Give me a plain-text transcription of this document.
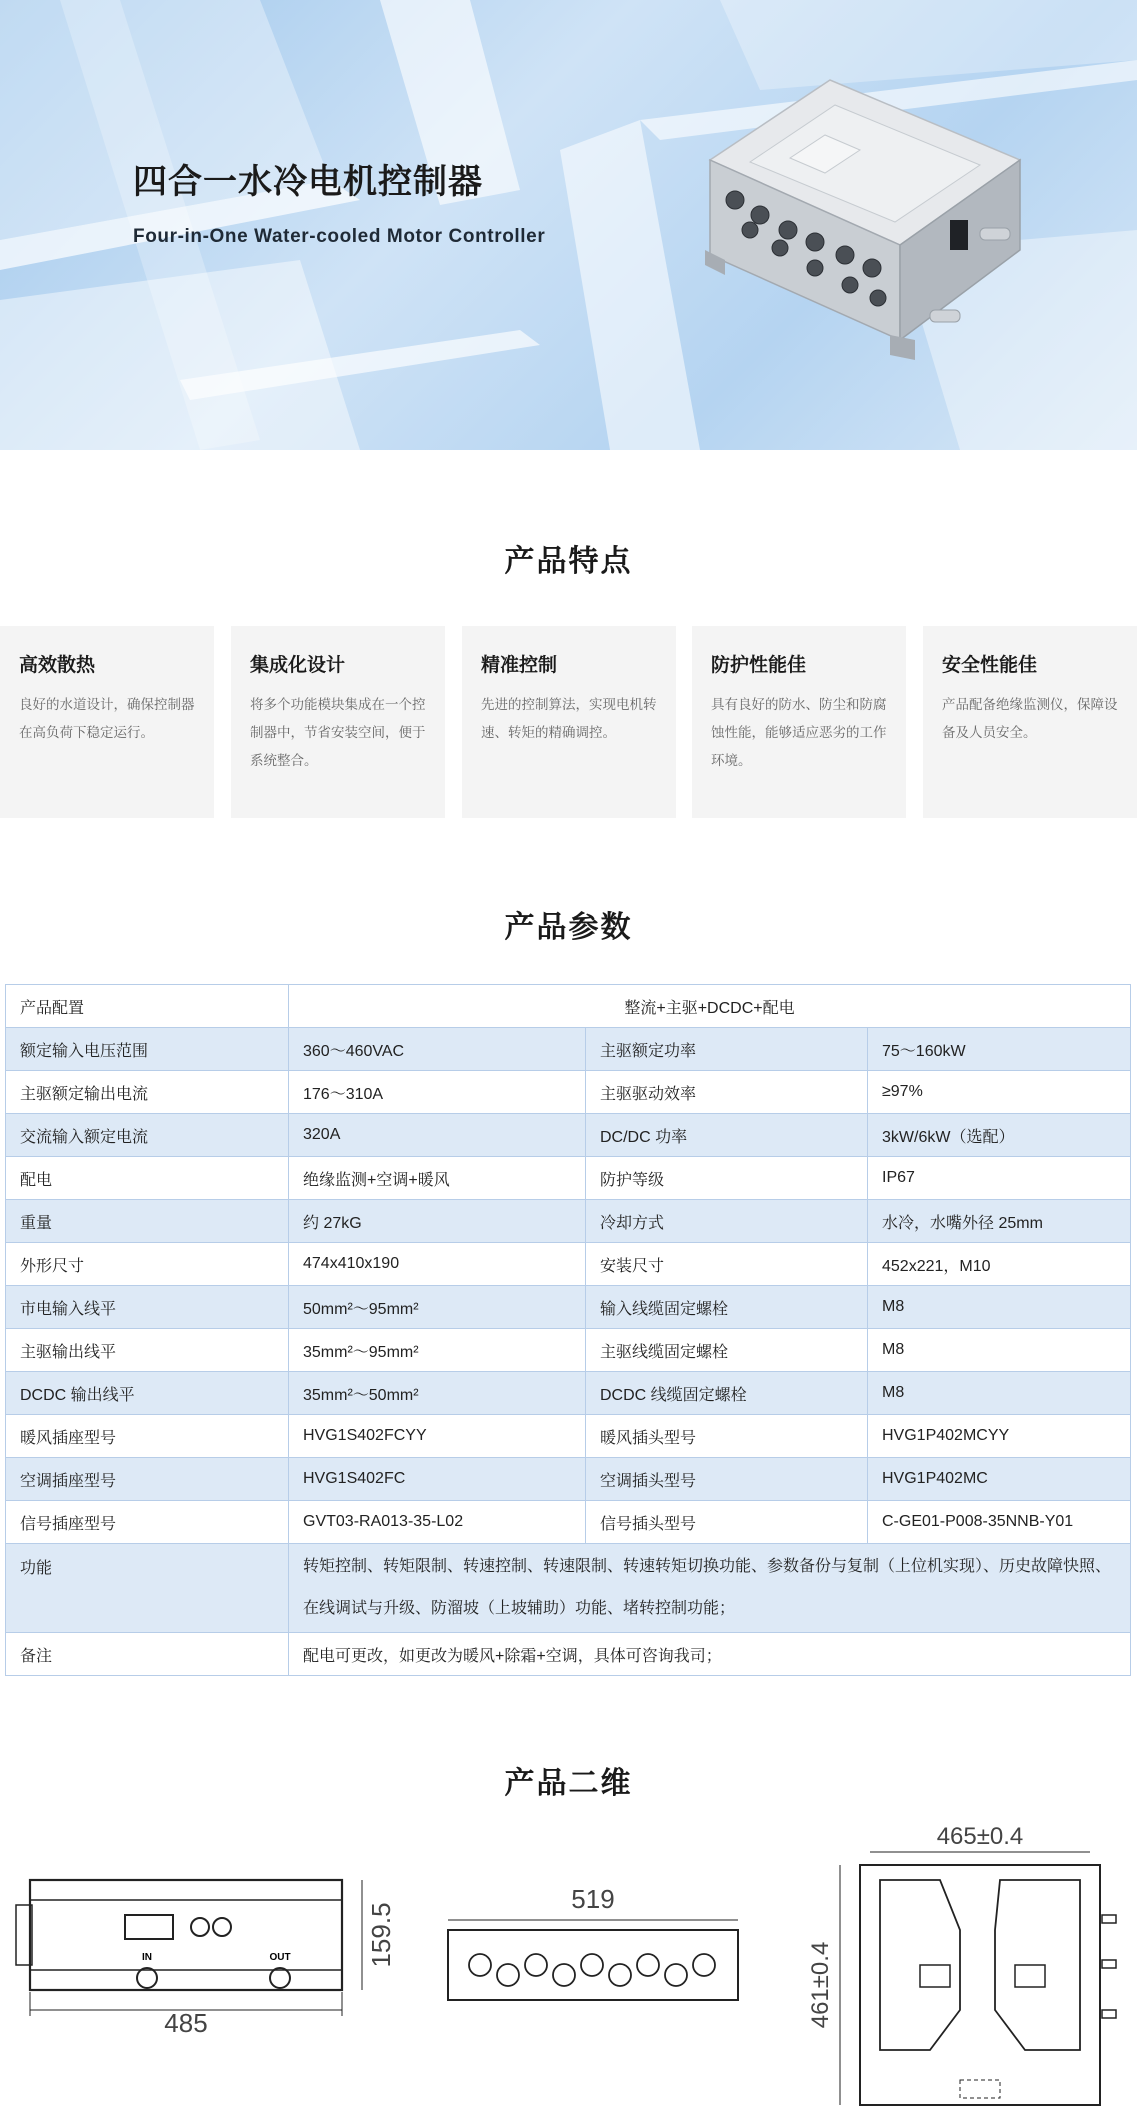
四合一水冷电机控制器
Four-in-One Water-cooled Motor Controller
产品特点
高效散热

良好的水道设计，确保控制器在高负荷下稳定运行。

集成化设计

将多个功能模块集成在一个控制器中，节省安装空间，便于系统整合。

精准控制

先进的控制算法，实现电机转速、转矩的精确调控。

防护性能佳

具有良好的防水、防尘和防腐蚀性能，能够适应恶劣的工作环境。

安全性能佳

产品配备绝缘监测仪，保障设备及人员安全。

产品参数
产品配置	整流+主驱+DCDC+配电		
额定输入电压范围	360～460VAC	主驱额定功率	75～160kW
主驱额定输出电流	176～310A	主驱驱动效率	≥97%
交流输入额定电流	320A	DC/DC 功率	3kW/6kW（选配）
配电	绝缘监测+空调+暖风	防护等级	IP67
重量	约 27kG	冷却方式	水冷，水嘴外径 25mm
外形尺寸	474x410x190	安装尺寸	452x221，M10
市电输入线平	50mm²～95mm²	输入线缆固定螺栓	M8
主驱输出线平	35mm²～95mm²	主驱线缆固定螺栓	M8
DCDC 输出线平	35mm²～50mm²	DCDC 线缆固定螺栓	M8
暖风插座型号	HVG1S402FCYY	暖风插头型号	HVG1P402MCYY
空调插座型号	HVG1S402FC	空调插头型号	HVG1P402MC
信号插座型号	GVT03-RA013-35-L02	信号插头型号	C-GE01-P008-35NNB-Y01
功能	转矩控制、转矩限制、转速控制、转速限制、转速转矩切换功能、参数备份与复制（上位机实现）、历史故障快照、在线调试与升级、防溜坡（上坡辅助）功能、堵转控制功能；		
备注	配电可更改，如更改为暖风+除霜+空调，具体可咨询我司；		
产品二维
IN	OUT
485
159.5
519
465±0.4
461±0.4
